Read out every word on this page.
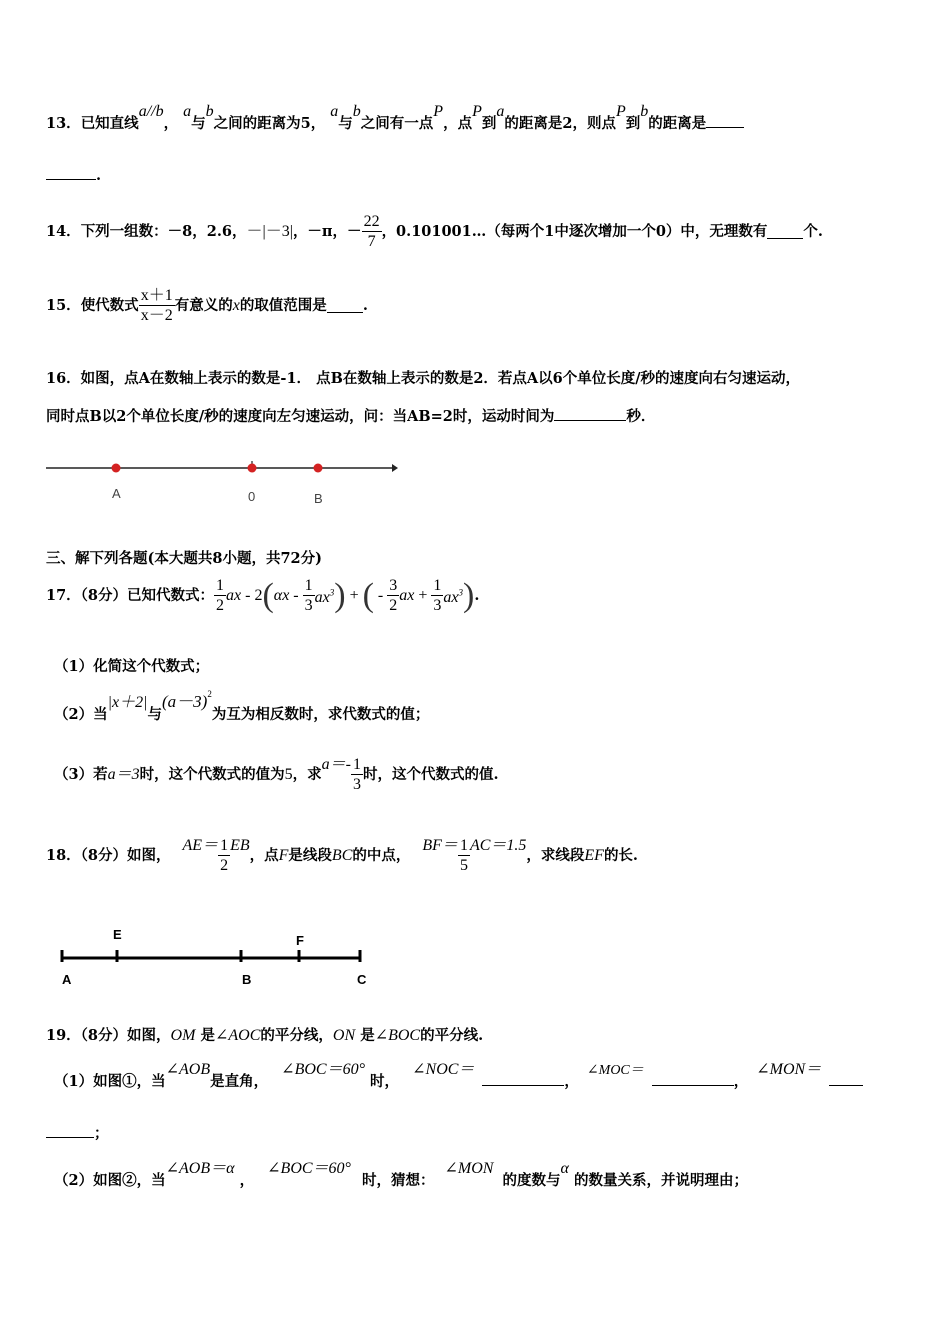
13．已知直线a//b， a与b之间的距离为5， a与b之间有一点P，点P到a的距离是2，则点P到b的距离是
.
14．下列一组数：－8，2.6，－|－3|，－π，－ $\frac{22}{7}$ ，0.101001…（每两个1中逐次增加一个0）中，无理数有 个.
15．使代数式 $\frac{x+1}{x-2}$ 有意义的x的取值范围是 .
16．如图，点A在数轴上表示的数是-1． 点B在数轴上表示的数是2．若点A以6个单位长度/秒的速度向右匀速运动，
同时点B以2个单位长度/秒的速度向左匀速运动，问：当AB=2时，运动时间为	秒．
A	0	B
三、解下列各题(本大题共8小题，共72分)
17．（8分）已知代数式： $\frac{1}{2}$ ax - $2(\alpha x - \frac{1}{3} ax^3)$ + ( - $\frac{3}{2}$ ax + $\frac{1}{3} ax^3$).
（1）化简这个代数式；
（2）当|x＋2|与$(a-3)^2$为互为相反数时，求代数式的值；
（3）若a＝3时，这个代数式的值为5，求$a=- \frac{1}{3}$ 时，这个代数式的值.
18．（8分）如图，$AE= \frac{1}{2}$ EB，点F是线段BC的中点，$BF= \frac{1}{5} AC=1.5$，求线段EF的长.
E	F
A	B	C
19．（8分）如图，OM 是∠AOC的平分线，ON 是∠BOC的平分线.
（1）如图①，当∠AOB是直角， ∠BOC＝60° 时， ∠NOC＝，∠MOC＝，∠MON＝
；
（2）如图②，当∠AOB＝α ， ∠BOC＝60° 时，猜想：∠MON 的度数与α 的数量关系，并说明理由；
